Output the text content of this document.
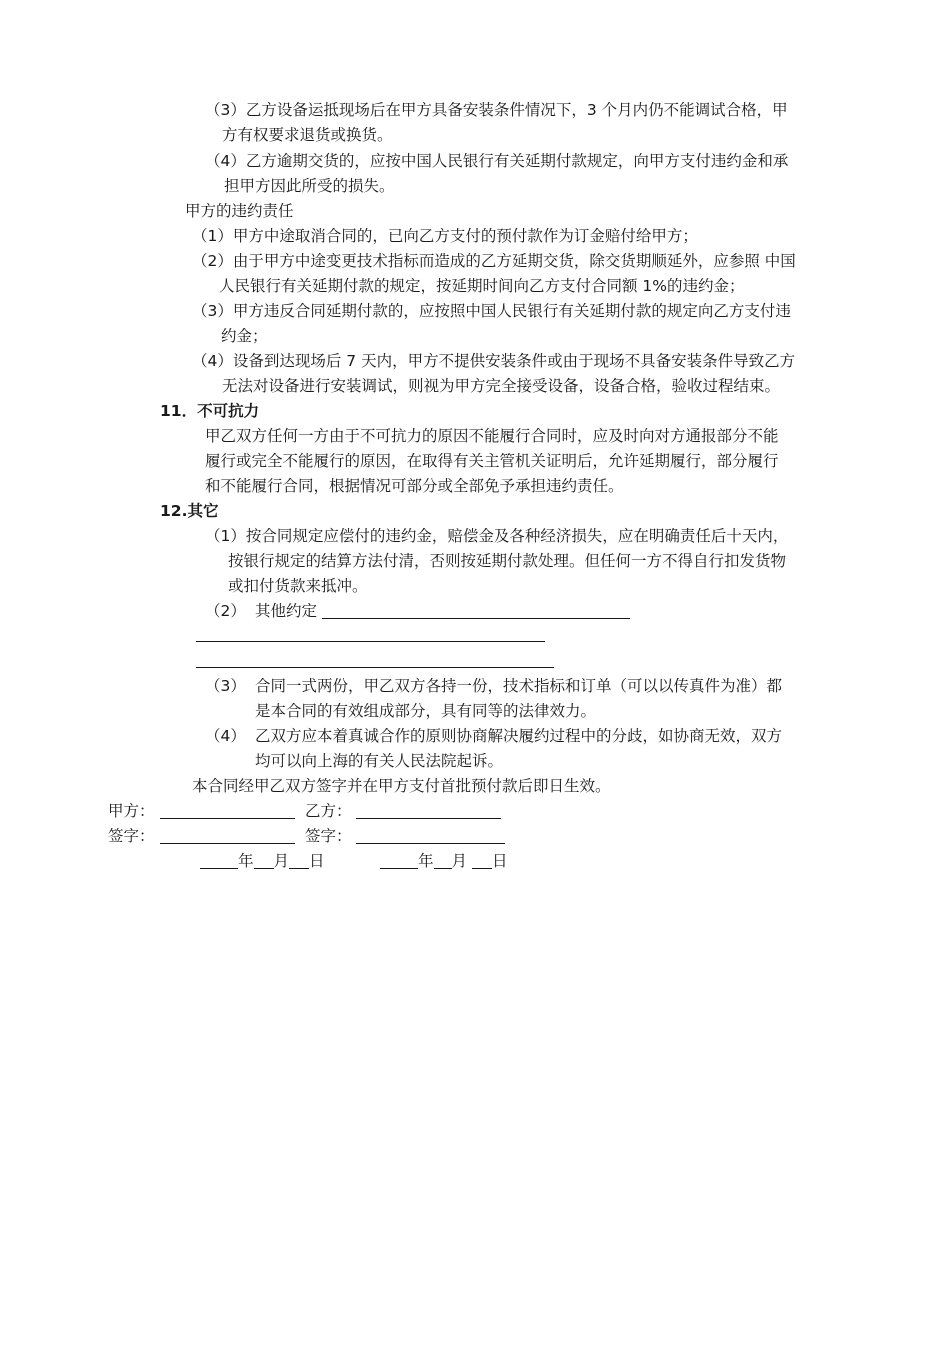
（3）乙方设备运抵现场后在甲方具备安装条件情况下，3 个月内仍不能调试合格，甲
方有权要求退货或换货。
（4）乙方逾期交货的，应按中国人民银行有关延期付款规定，向甲方支付违约金和承
担甲方因此所受的损失。
甲方的违约责任
（1）甲方中途取消合同的，已向乙方支付的预付款作为订金赔付给甲方；
（2）由于甲方中途变更技术指标而造成的乙方延期交货，除交货期顺延外，应参照 中国
人民银行有关延期付款的规定，按延期时间向乙方支付合同额 1%的违约金；
（3）甲方违反合同延期付款的，应按照中国人民银行有关延期付款的规定向乙方支付违
约金；
（4）设备到达现场后 7 天内，甲方不提供安装条件或由于现场不具备安装条件导致乙方
无法对设备进行安装调试，则视为甲方完全接受设备，设备合格，验收过程结束。
11．不可抗力
甲乙双方任何一方由于不可抗力的原因不能履行合同时，应及时向对方通报部分不能
履行或完全不能履行的原因，在取得有关主管机关证明后，允许延期履行，部分履行
和不能履行合同，根据情况可部分或全部免予承担违约责任。
12.其它
（1）按合同规定应偿付的违约金，赔偿金及各种经济损失，应在明确责任后十天内，
按银行规定的结算方法付清，否则按延期付款处理。但任何一方不得自行扣发货物
或扣付货款来抵冲。
（2） 其他约定
（3） 合同一式两份，甲乙双方各持一份，技术指标和订单（可以以传真件为准）都
是本合同的有效组成部分，具有同等的法律效力。
（4） 乙双方应本着真诚合作的原则协商解决履约过程中的分歧，如协商无效，双方
均可以向上海的有关人民法院起诉。
本合同经甲乙双方签字并在甲方支付首批预付款后即日生效。
甲方：	乙方：
签字：	签字：
年 月 日	年 月 日
